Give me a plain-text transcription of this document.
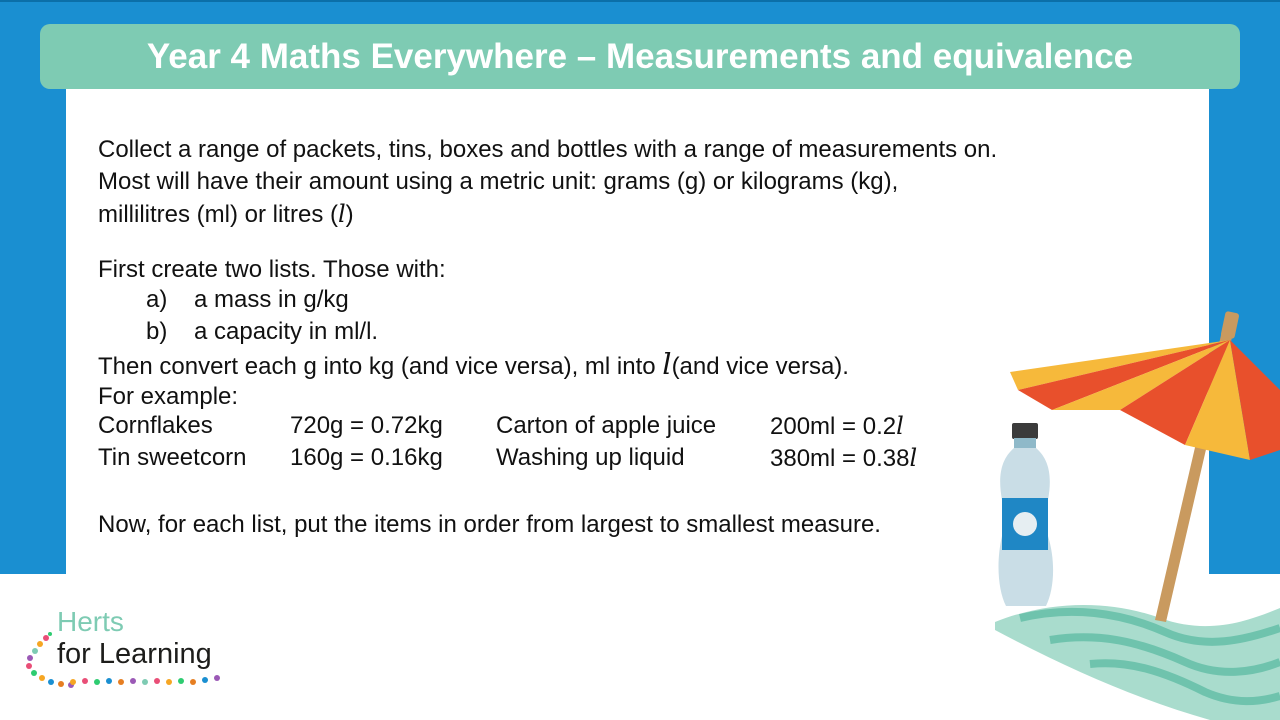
Year 4 Maths Everywhere – Measurements and equivalence
Collect a range of packets, tins, boxes and bottles with a range of measurements on.
Most will have their amount using a metric unit: grams (g) or kilograms (kg),
millilitres (ml) or litres (l)
First create two lists. Those with:
a) a mass in g/kg
b) a capacity in ml/l.
Then convert each g into kg (and vice versa), ml into l(and vice versa).
For example:
Cornflakes	720g = 0.72kg Carton of apple juice 200ml = 0.2l
Tin sweetcorn 160g = 0.16kg Washing up liquid	380ml = 0.38l
Now, for each list, put the items in order from largest to smallest measure.
Herts
for Learning
